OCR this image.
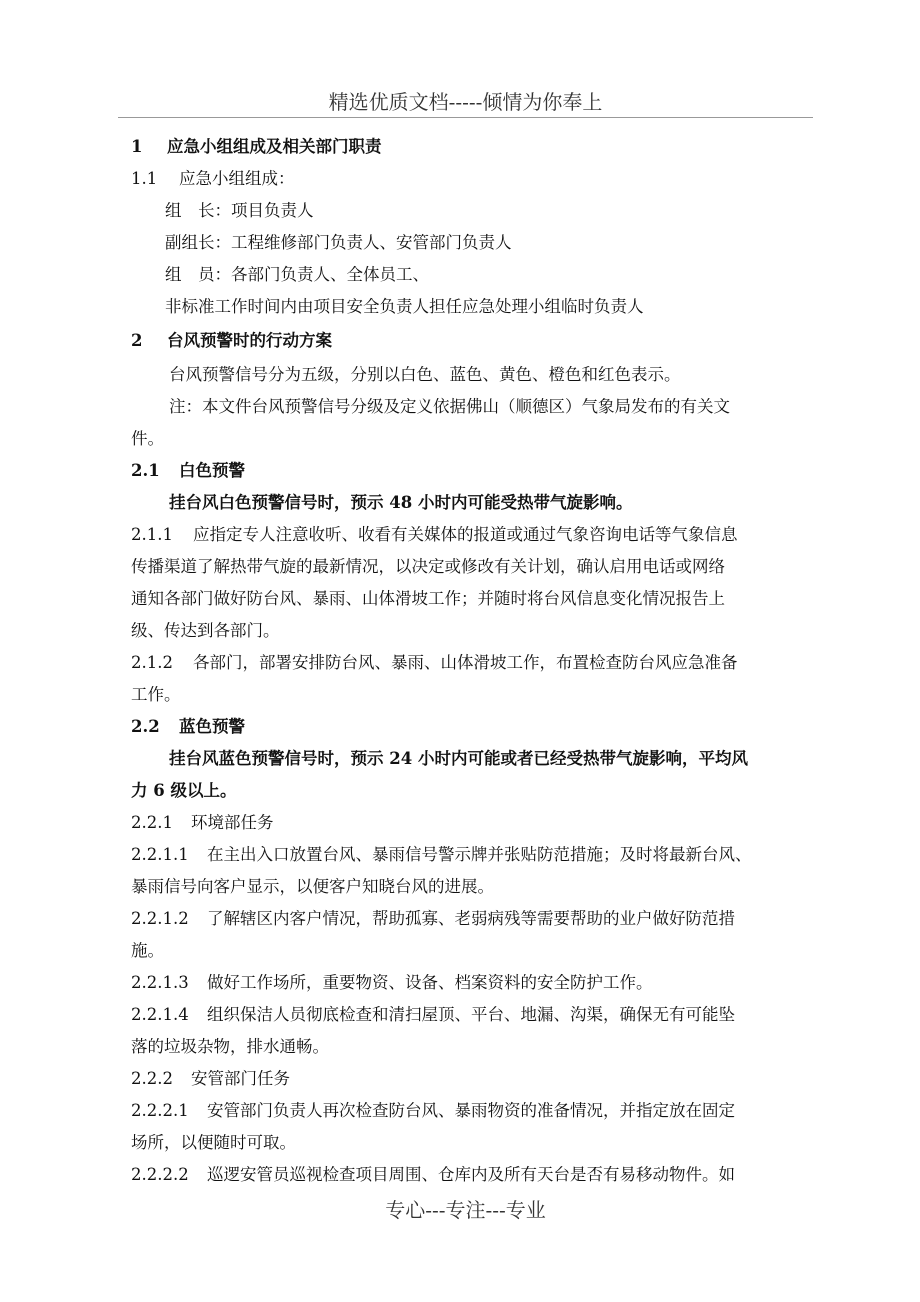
精选优质文档-----倾情为你奉上
1 应急小组组成及相关部门职责
1.1 应急小组组成：
组　长：项目负责人
副组长：工程维修部门负责人、安管部门负责人
组　员：各部门负责人、全体员工、
非标准工作时间内由项目安全负责人担任应急处理小组临时负责人
2 台风预警时的行动方案
台风预警信号分为五级，分别以白色、蓝色、黄色、橙色和红色表示。
注：本文件台风预警信号分级及定义依据佛山（顺德区）气象局发布的有关文
件。
2.1 白色预警
挂台风白色预警信号时，预示 48 小时内可能受热带气旋影响。
2.1.1 应指定专人注意收听、收看有关媒体的报道或通过气象咨询电话等气象信息
传播渠道了解热带气旋的最新情况，以决定或修改有关计划，确认启用电话或网络
通知各部门做好防台风、暴雨、山体滑坡工作；并随时将台风信息变化情况报告上
级、传达到各部门。
2.1.2 各部门，部署安排防台风、暴雨、山体滑坡工作，布置检查防台风应急准备
工作。
2.2 蓝色预警
挂台风蓝色预警信号时，预示 24 小时内可能或者已经受热带气旋影响，平均风
力 6 级以上。
2.2.1 环境部任务
2.2.1.1 在主出入口放置台风、暴雨信号警示牌并张贴防范措施；及时将最新台风、
暴雨信号向客户显示，以便客户知晓台风的进展。
2.2.1.2 了解辖区内客户情况，帮助孤寡、老弱病残等需要帮助的业户做好防范措
施。
2.2.1.3 做好工作场所，重要物资、设备、档案资料的安全防护工作。
2.2.1.4 组织保洁人员彻底检查和清扫屋顶、平台、地漏、沟渠，确保无有可能坠
落的垃圾杂物，排水通畅。
2.2.2 安管部门任务
2.2.2.1 安管部门负责人再次检查防台风、暴雨物资的准备情况，并指定放在固定
场所，以便随时可取。
2.2.2.2 巡逻安管员巡视检查项目周围、仓库内及所有天台是否有易移动物件。如
专心---专注---专业
